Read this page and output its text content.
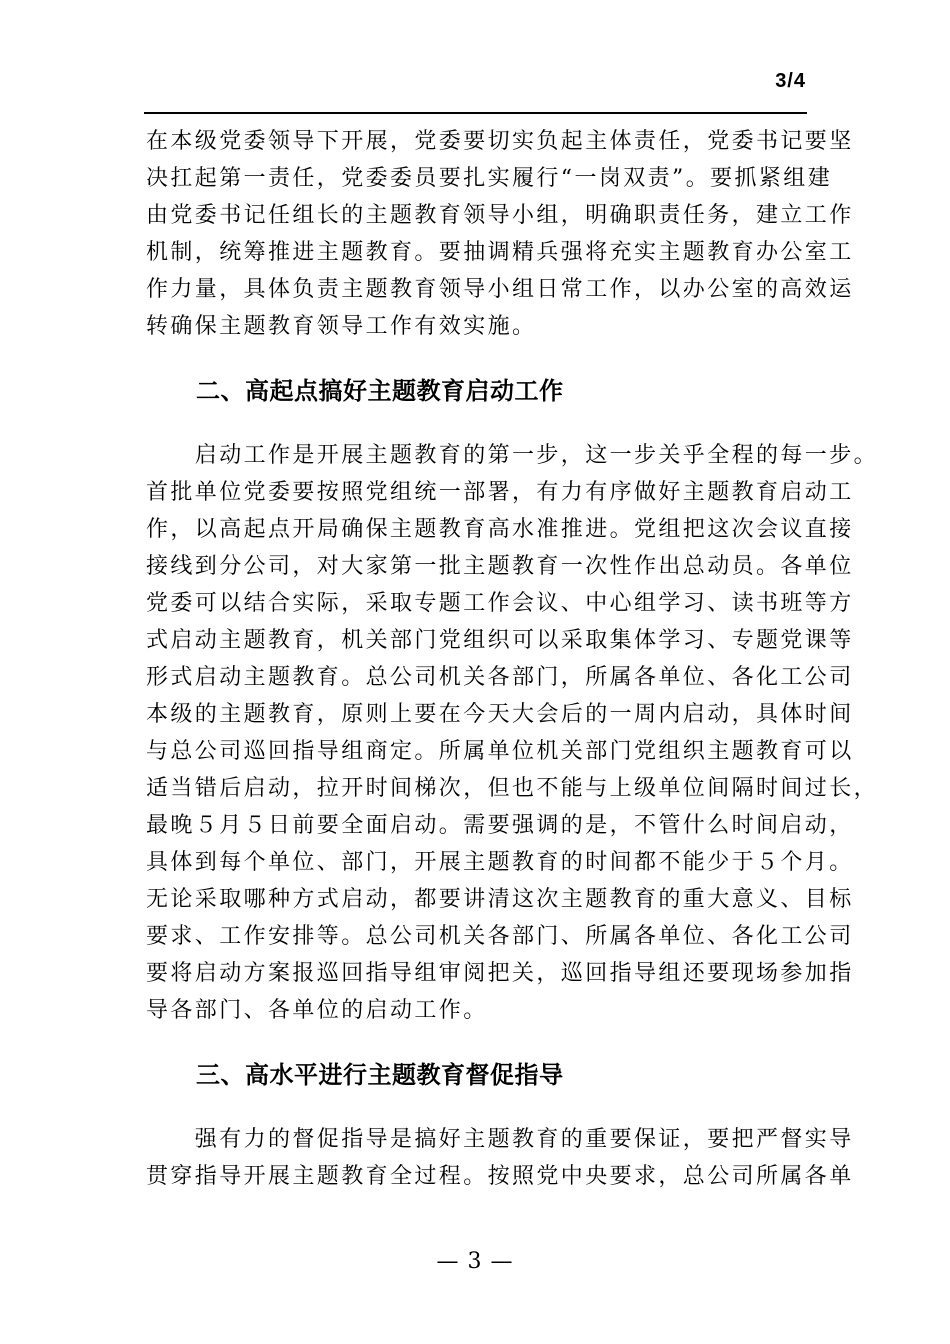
3/4
在本级党委领导下开展，党委要切实负起主体责任，党委书记要坚
决扛起第一责任，党委委员要扎实履行“一岗双责”。要抓紧组建
由党委书记任组长的主题教育领导小组，明确职责任务，建立工作
机制，统筹推进主题教育。要抽调精兵强将充实主题教育办公室工
作力量，具体负责主题教育领导小组日常工作，以办公室的高效运
转确保主题教育领导工作有效实施。
二、高起点搞好主题教育启动工作
　　启动工作是开展主题教育的第一步，这一步关乎全程的每一步。
首批单位党委要按照党组统一部署，有力有序做好主题教育启动工
作，以高起点开局确保主题教育高水准推进。党组把这次会议直接
接线到分公司，对大家第一批主题教育一次性作出总动员。各单位
党委可以结合实际，采取专题工作会议、中心组学习、读书班等方
式启动主题教育，机关部门党组织可以采取集体学习、专题党课等
形式启动主题教育。总公司机关各部门，所属各单位、各化工公司
本级的主题教育，原则上要在今天大会后的一周内启动，具体时间
与总公司巡回指导组商定。所属单位机关部门党组织主题教育可以
适当错后启动，拉开时间梯次，但也不能与上级单位间隔时间过长，
最晚５月５日前要全面启动。需要强调的是，不管什么时间启动，
具体到每个单位、部门，开展主题教育的时间都不能少于５个月。
无论采取哪种方式启动，都要讲清这次主题教育的重大意义、目标
要求、工作安排等。总公司机关各部门、所属各单位、各化工公司
要将启动方案报巡回指导组审阅把关，巡回指导组还要现场参加指
导各部门、各单位的启动工作。
三、高水平进行主题教育督促指导
　　强有力的督促指导是搞好主题教育的重要保证，要把严督实导
贯穿指导开展主题教育全过程。按照党中央要求，总公司所属各单
— 3 —
